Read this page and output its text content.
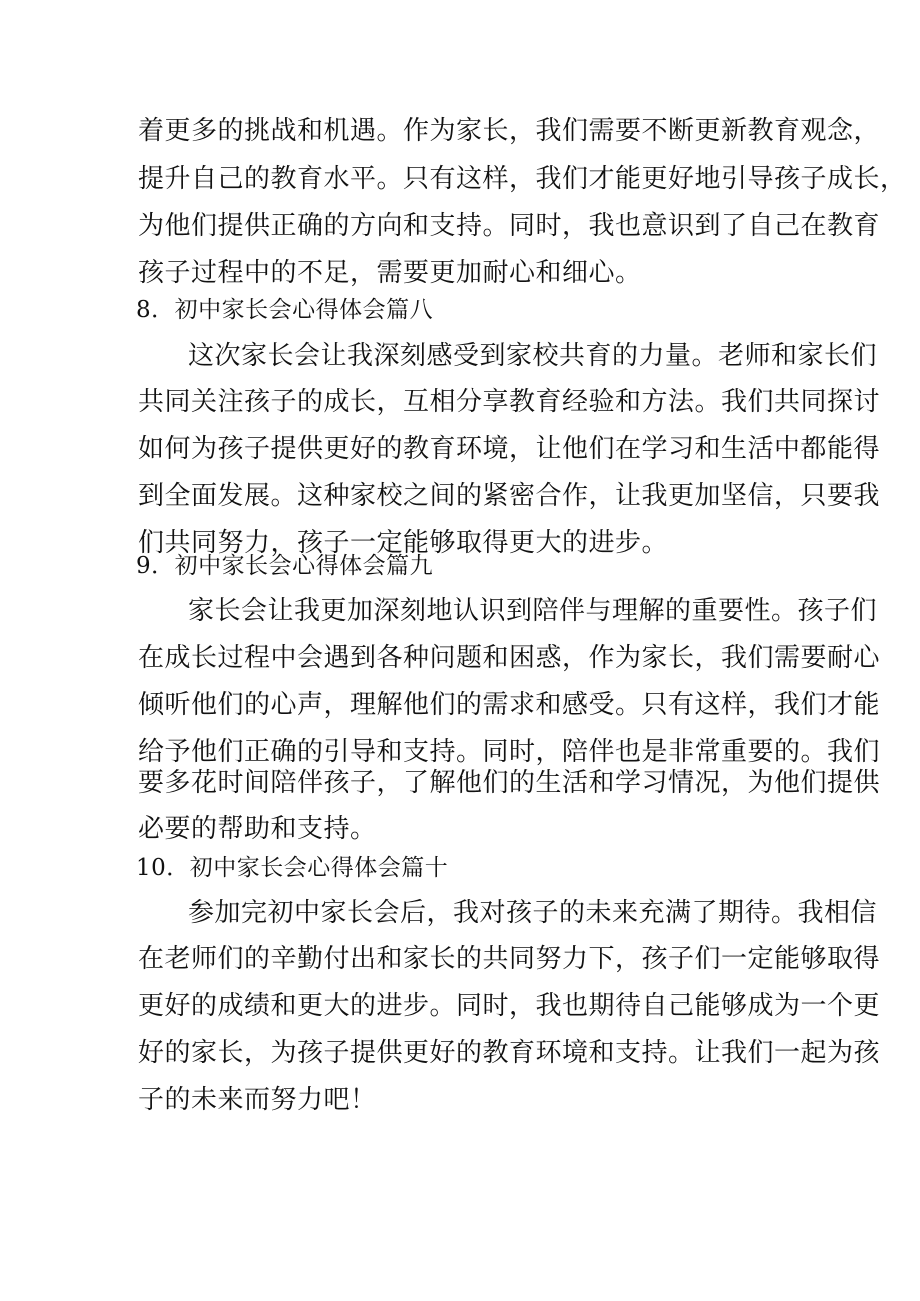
着更多的挑战和机遇。作为家长，我们需要不断更新教育观念，
提升自己的教育水平。只有这样，我们才能更好地引导孩子成长，
为他们提供正确的方向和支持。同时，我也意识到了自己在教育
孩子过程中的不足，需要更加耐心和细心。
8．初中家长会心得体会篇八
这次家长会让我深刻感受到家校共育的力量。老师和家长们
共同关注孩子的成长，互相分享教育经验和方法。我们共同探讨
如何为孩子提供更好的教育环境，让他们在学习和生活中都能得
到全面发展。这种家校之间的紧密合作，让我更加坚信，只要我
们共同努力，孩子一定能够取得更大的进步。
9．初中家长会心得体会篇九
家长会让我更加深刻地认识到陪伴与理解的重要性。孩子们
在成长过程中会遇到各种问题和困惑，作为家长，我们需要耐心
倾听他们的心声，理解他们的需求和感受。只有这样，我们才能
给予他们正确的引导和支持。同时，陪伴也是非常重要的。我们
要多花时间陪伴孩子，了解他们的生活和学习情况，为他们提供
必要的帮助和支持。
10．初中家长会心得体会篇十
参加完初中家长会后，我对孩子的未来充满了期待。我相信
在老师们的辛勤付出和家长的共同努力下，孩子们一定能够取得
更好的成绩和更大的进步。同时，我也期待自己能够成为一个更
好的家长，为孩子提供更好的教育环境和支持。让我们一起为孩
子的未来而努力吧！
